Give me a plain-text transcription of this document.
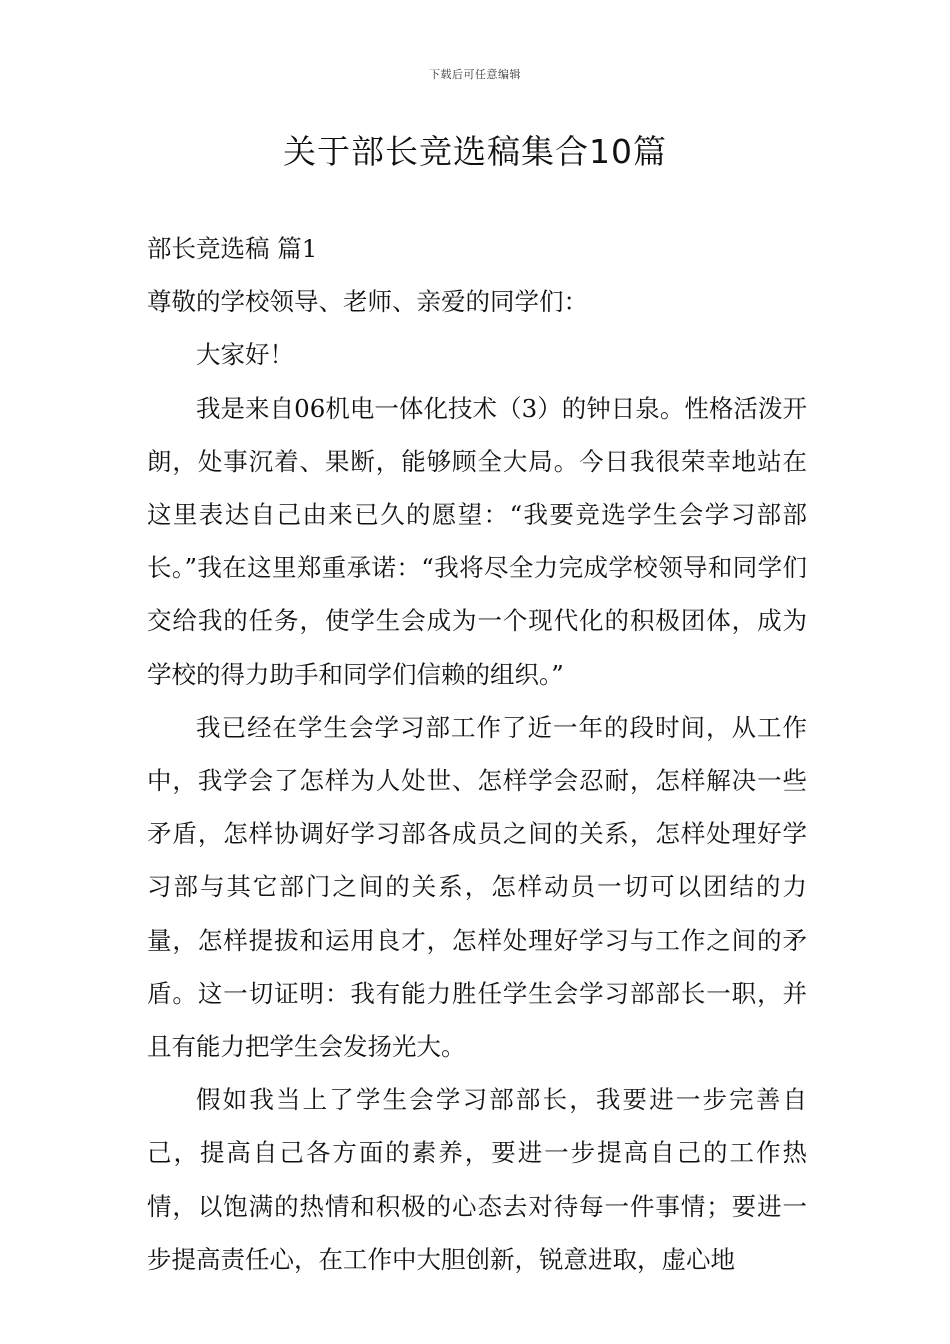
下载后可任意编辑
关于部长竞选稿集合10篇

部长竞选稿 篇1

尊敬的学校领导、老师、亲爱的同学们：

大家好！

我是来自06机电一体化技术（3）的钟日泉。性格活泼开朗，处事沉着、果断，能够顾全大局。今日我很荣幸地站在这里表达自己由来已久的愿望：“我要竞选学生会学习部部长。”我在这里郑重承诺：“我将尽全力完成学校领导和同学们交给我的任务，使学生会成为一个现代化的积极团体，成为学校的得力助手和同学们信赖的组织。”

我已经在学生会学习部工作了近一年的段时间，从工作中，我学会了怎样为人处世、怎样学会忍耐，怎样解决一些矛盾，怎样协调好学习部各成员之间的关系，怎样处理好学习部与其它部门之间的关系，怎样动员一切可以团结的力量，怎样提拔和运用良才，怎样处理好学习与工作之间的矛盾。这一切证明：我有能力胜任学生会学习部部长一职，并且有能力把学生会发扬光大。

假如我当上了学生会学习部部长，我要进一步完善自己，提高自己各方面的素养，要进一步提高自己的工作热情，以饱满的热情和积极的心态去对待每一件事情；要进一步提高责任心，在工作中大胆创新，锐意进取，虚心地
